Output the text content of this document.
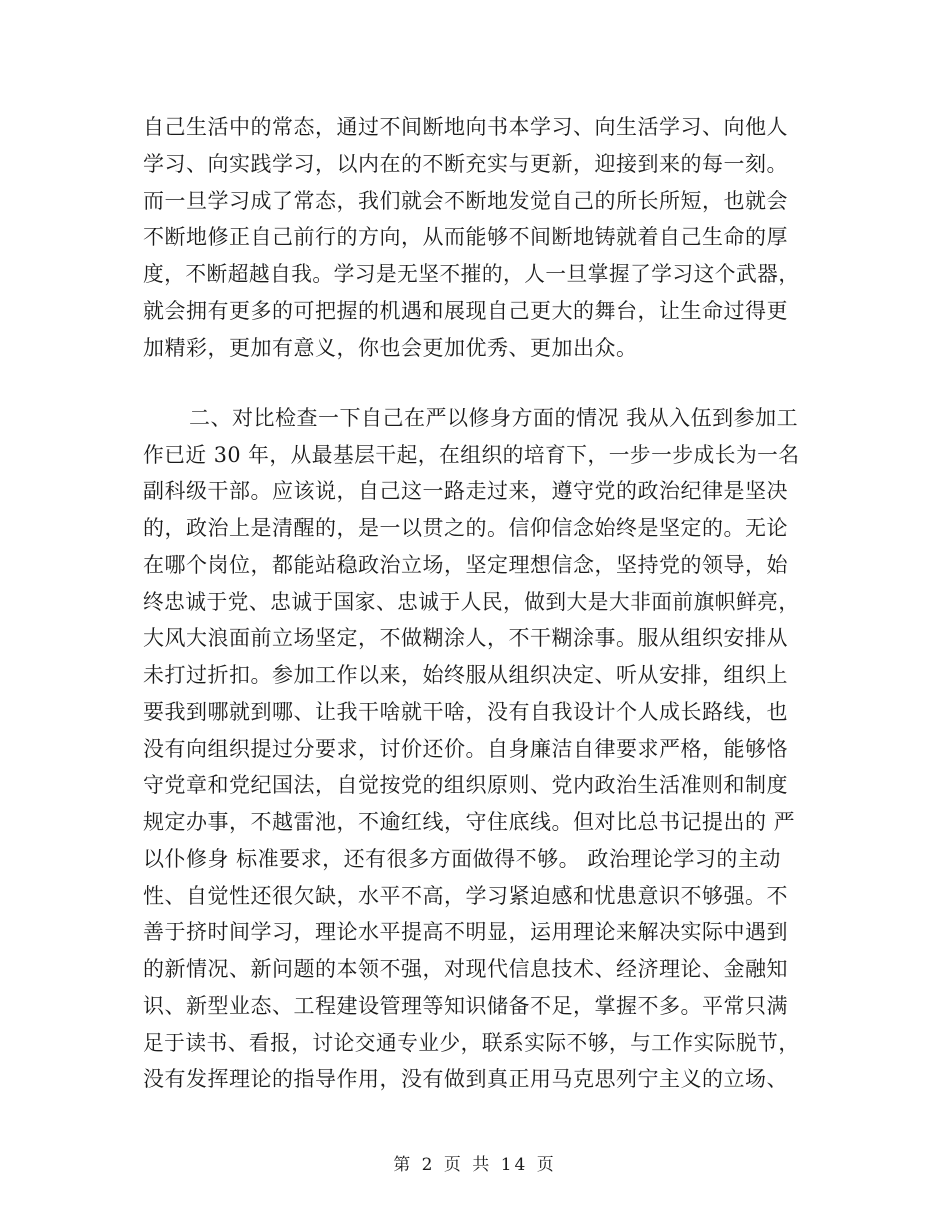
自己生活中的常态，通过不间断地向书本学习、向生活学习、向他人
学习、向实践学习，以内在的不断充实与更新，迎接到来的每一刻。
而一旦学习成了常态，我们就会不断地发觉自己的所长所短，也就会
不断地修正自己前行的方向，从而能够不间断地铸就着自己生命的厚
度，不断超越自我。学习是无坚不摧的，人一旦掌握了学习这个武器，
就会拥有更多的可把握的机遇和展现自己更大的舞台，让生命过得更
加精彩，更加有意义，你也会更加优秀、更加出众。
二、对比检查一下自己在严以修身方面的情况 我从入伍到参加工
作已近 30 年，从最基层干起，在组织的培育下，一步一步成长为一名
副科级干部。应该说，自己这一路走过来，遵守党的政治纪律是坚决
的，政治上是清醒的，是一以贯之的。信仰信念始终是坚定的。无论
在哪个岗位，都能站稳政治立场，坚定理想信念，坚持党的领导，始
终忠诚于党、忠诚于国家、忠诚于人民，做到大是大非面前旗帜鲜亮，
大风大浪面前立场坚定，不做糊涂人，不干糊涂事。服从组织安排从
未打过折扣。参加工作以来，始终服从组织决定、听从安排，组织上
要我到哪就到哪、让我干啥就干啥，没有自我设计个人成长路线，也
没有向组织提过分要求，讨价还价。自身廉洁自律要求严格，能够恪
守党章和党纪国法，自觉按党的组织原则、党内政治生活准则和制度
规定办事，不越雷池，不逾红线，守住底线。但对比总书记提出的 严
以仆修身 标准要求，还有很多方面做得不够。 政治理论学习的主动
性、自觉性还很欠缺，水平不高，学习紧迫感和忧患意识不够强。不
善于挤时间学习，理论水平提高不明显，运用理论来解决实际中遇到
的新情况、新问题的本领不强，对现代信息技术、经济理论、金融知
识、新型业态、工程建设管理等知识储备不足，掌握不多。平常只满
足于读书、看报，讨论交通专业少，联系实际不够，与工作实际脱节，
没有发挥理论的指导作用，没有做到真正用马克思列宁主义的立场、
第 2 页 共 14 页
